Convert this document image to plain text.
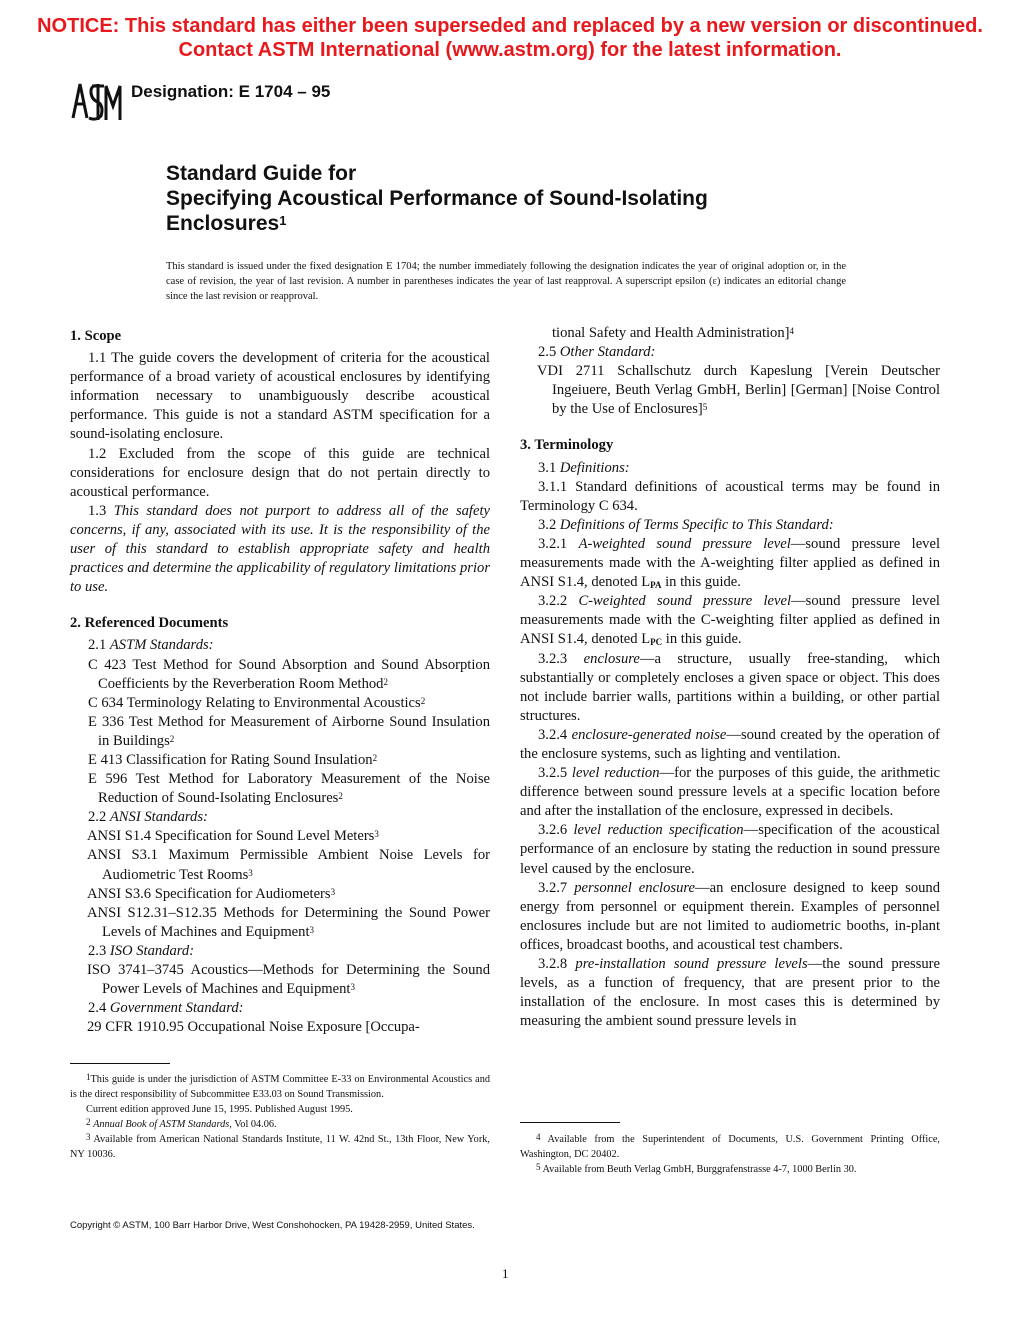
NOTICE: This standard has either been superseded and replaced by a new version or discontinued.
Contact ASTM International (www.astm.org) for the latest information.
Designation: E 1704 – 95
Standard Guide for
Specifying Acoustical Performance of Sound-Isolating
Enclosures$^1$
This standard is issued under the fixed designation E 1704; the number immediately following the designation indicates the year of original adoption or, in the case of revision, the year of last revision. A number in parentheses indicates the year of last reapproval. A superscript epsilon (ε) indicates an editorial change since the last revision or reapproval.
1. Scope
1.1 The guide covers the development of criteria for the acoustical performance of a broad variety of acoustical enclosures by identifying information necessary to unambiguously describe acoustical performance. This guide is not a standard ASTM specification for a sound-isolating enclosure.
1.2 Excluded from the scope of this guide are technical considerations for enclosure design that do not pertain directly to acoustical performance.
1.3 This standard does not purport to address all of the safety concerns, if any, associated with its use. It is the responsibility of the user of this standard to establish appropriate safety and health practices and determine the applicability of regulatory limitations prior to use.
2. Referenced Documents
2.1 ASTM Standards:
C 423 Test Method for Sound Absorption and Sound Absorption Coefficients by the Reverberation Room Method$^2$
C 634 Terminology Relating to Environmental Acoustics$^2$
E 336 Test Method for Measurement of Airborne Sound Insulation in Buildings$^2$
E 413 Classification for Rating Sound Insulation$^2$
E 596 Test Method for Laboratory Measurement of the Noise Reduction of Sound-Isolating Enclosures$^2$
2.2 ANSI Standards:
ANSI S1.4 Specification for Sound Level Meters$^3$
ANSI S3.1 Maximum Permissible Ambient Noise Levels for Audiometric Test Rooms$^3$
ANSI S3.6 Specification for Audiometers$^3$
ANSI S12.31–S12.35 Methods for Determining the Sound Power Levels of Machines and Equipment$^3$
2.3 ISO Standard:
ISO 3741–3745 Acoustics—Methods for Determining the Sound Power Levels of Machines and Equipment$^3$
2.4 Government Standard:
29 CFR 1910.95 Occupational Noise Exposure [Occupa-
tional Safety and Health Administration]$^4$
2.5 Other Standard:
VDI 2711 Schallschutz durch Kapeslung [Verein Deutscher Ingeiuere, Beuth Verlag GmbH, Berlin] [German] [Noise Control by the Use of Enclosures]$^5$
3. Terminology
3.1 Definitions:
3.1.1 Standard definitions of acoustical terms may be found in Terminology C 634.
3.2 Definitions of Terms Specific to This Standard:
3.2.1 A-weighted sound pressure level—sound pressure level measurements made with the A-weighting filter applied as defined in ANSI S1.4, denoted $L_{PA}$ in this guide.
3.2.2 C-weighted sound pressure level—sound pressure level measurements made with the C-weighting filter applied as defined in ANSI S1.4, denoted $L_{PC}$ in this guide.
3.2.3 enclosure—a structure, usually free-standing, which substantially or completely encloses a given space or object. This does not include barrier walls, partitions within a building, or other partial structures.
3.2.4 enclosure-generated noise—sound created by the operation of the enclosure systems, such as lighting and ventilation.
3.2.5 level reduction—for the purposes of this guide, the arithmetic difference between sound pressure levels at a specific location before and after the installation of the enclosure, expressed in decibels.
3.2.6 level reduction specification—specification of the acoustical performance of an enclosure by stating the reduction in sound pressure level caused by the enclosure.
3.2.7 personnel enclosure—an enclosure designed to keep sound energy from personnel or equipment therein. Examples of personnel enclosures include but are not limited to audiometric booths, in-plant offices, broadcast booths, and acoustical test chambers.
3.2.8 pre-installation sound pressure levels—the sound pressure levels, as a function of frequency, that are present prior to the installation of the enclosure. In most cases this is determined by measuring the ambient sound pressure levels in
$^1$This guide is under the jurisdiction of ASTM Committee E-33 on Environmental Acoustics and is the direct responsibility of Subcommittee E33.03 on Sound Transmission.
Current edition approved June 15, 1995. Published August 1995.
$^2$ Annual Book of ASTM Standards, Vol 04.06.
$^3$ Available from American National Standards Institute, 11 W. 42nd St., 13th Floor, New York, NY 10036.
$^4$ Available from the Superintendent of Documents, U.S. Government Printing Office, Washington, DC 20402.
$^5$ Available from Beuth Verlag GmbH, Burggrafenstrasse 4-7, 1000 Berlin 30.
Copyright © ASTM, 100 Barr Harbor Drive, West Conshohocken, PA 19428-2959, United States.
1
